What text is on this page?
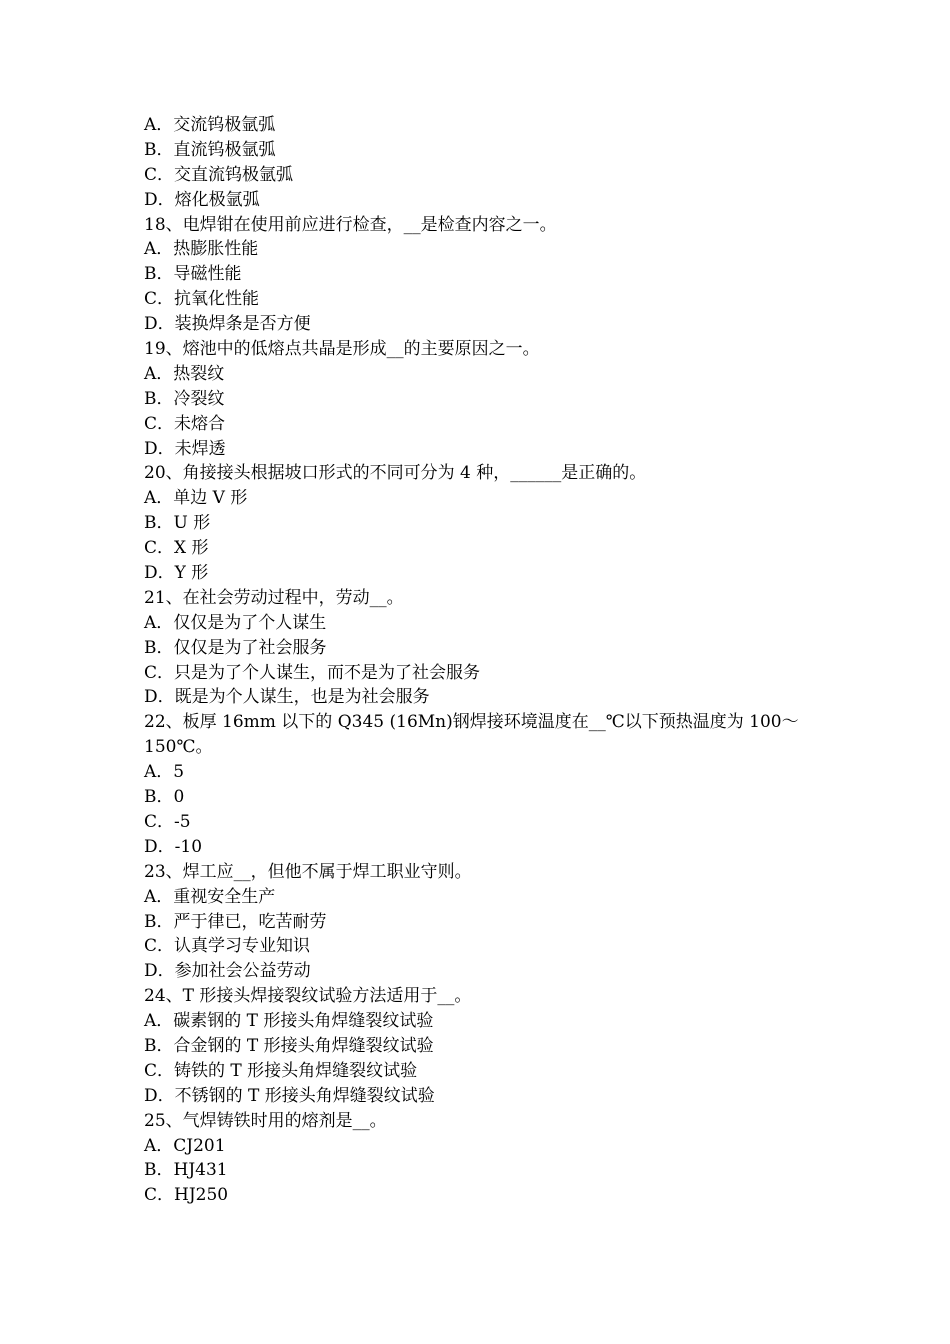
A．交流钨极氩弧

B．直流钨极氩弧

C．交直流钨极氩弧

D．熔化极氩弧

18、电焊钳在使用前应进行检查，__是检查内容之一。

A．热膨胀性能

B．导磁性能

C．抗氧化性能

D．装换焊条是否方便

19、熔池中的低熔点共晶是形成__的主要原因之一。

A．热裂纹

B．冷裂纹

C．未熔合

D．未焊透

20、角接接头根据坡口形式的不同可分为 4 种，______是正确的。

A．单边 V 形

B．U 形

C．X 形

D．Y 形

21、在社会劳动过程中，劳动__。

A．仅仅是为了个人谋生

B．仅仅是为了社会服务

C．只是为了个人谋生，而不是为了社会服务

D．既是为个人谋生，也是为社会服务

22、板厚 16mm 以下的 Q345 (16Mn)钢焊接环境温度在__℃以下预热温度为 100～

150℃。

A．5

B．0

C．-5

D．-10

23、焊工应__，但他不属于焊工职业守则。

A．重视安全生产

B．严于律已，吃苦耐劳

C．认真学习专业知识

D．参加社会公益劳动

24、T 形接头焊接裂纹试验方法适用于__。

A．碳素钢的 T 形接头角焊缝裂纹试验

B．合金钢的 T 形接头角焊缝裂纹试验

C．铸铁的 T 形接头角焊缝裂纹试验

D．不锈钢的 T 形接头角焊缝裂纹试验

25、气焊铸铁时用的熔剂是__。

A．CJ201

B．HJ431

C．HJ250
